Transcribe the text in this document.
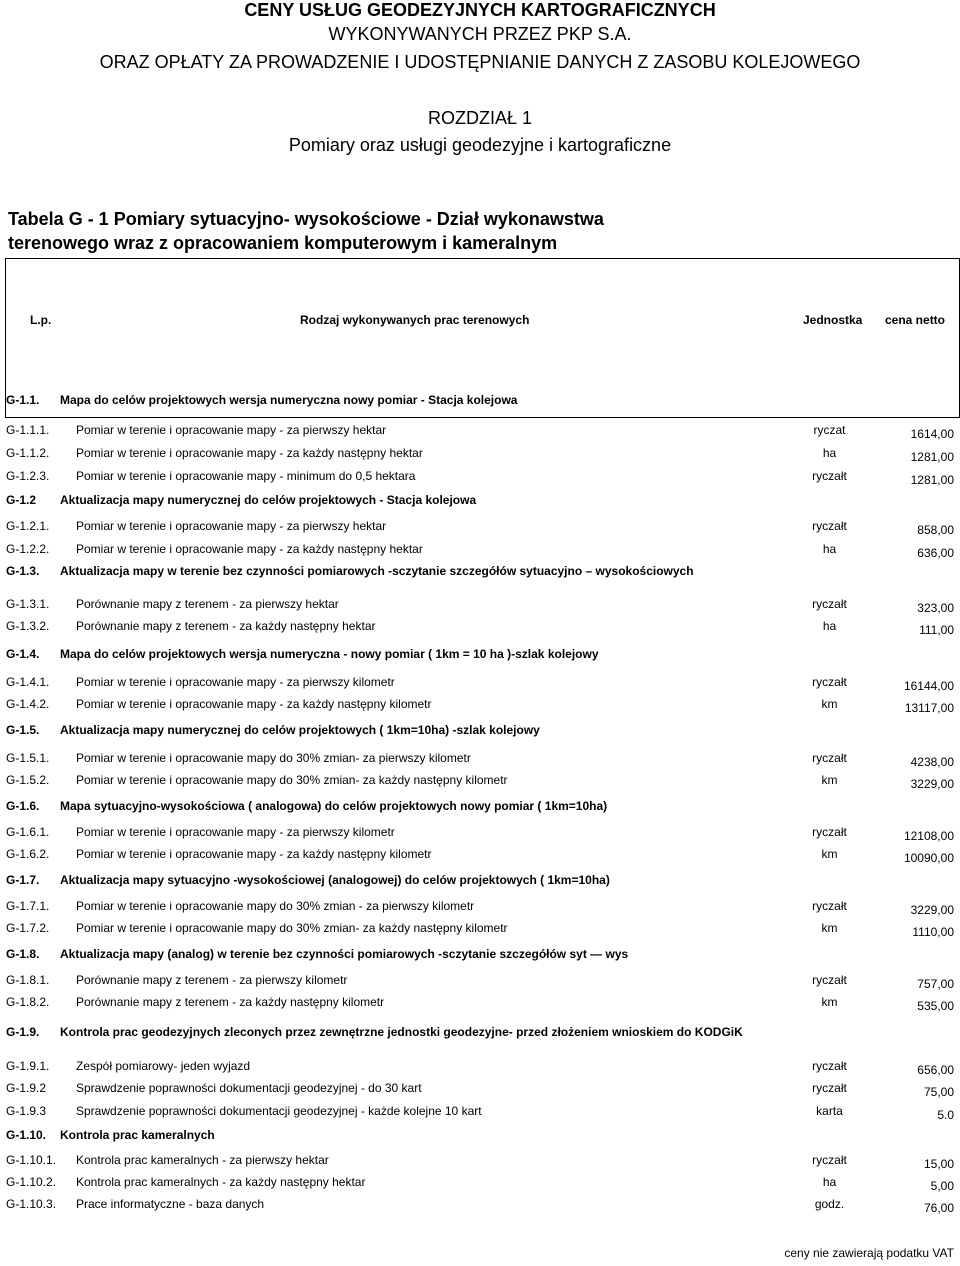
CENY USŁUG GEODEZYJNYCH KARTOGRAFICZNYCH
WYKONYWANYCH PRZEZ PKP S.A.
ORAZ OPŁATY ZA PROWADZENIE I UDOSTĘPNIANIE DANYCH Z ZASOBU KOLEJOWEGO
ROZDZIAŁ 1
Pomiary oraz usługi geodezyjne i kartograficzne
Tabela G - 1 Pomiary sytuacyjno- wysokościowe - Dział wykonawstwa
terenowego wraz z opracowaniem komputerowym i kameralnym
L.p.	Rodzaj wykonywanych prac terenowych	Jednostka cena netto
G-1.1. Mapa do celów projektowych wersja numeryczna nowy pomiar - Stacja kolejowa
G-1.1.1. Pomiar w terenie i opracowanie mapy - za pierwszy hektar	ryczat	1614,00
G-1.1.2. Pomiar w terenie i opracowanie mapy - za każdy następny hektar	ha	1281,00
G-1.2.3. Pomiar w terenie i opracowanie mapy - minimum do 0,5 hektara	ryczałt	1281,00
G-1.2 Aktualizacja mapy numerycznej do celów projektowych - Stacja kolejowa
G-1.2.1. Pomiar w terenie i opracowanie mapy - za pierwszy hektar	ryczałt	858,00
G-1.2.2. Pomiar w terenie i opracowanie mapy - za każdy następny hektar	ha	636,00
G-1.3. Aktualizacja mapy w terenie bez czynności pomiarowych -sczytanie szczegółów sytuacyjno – wysokościowych
G-1.3.1. Porównanie mapy z terenem - za pierwszy hektar	ryczałt	323,00
G-1.3.2. Porównanie mapy z terenem - za każdy następny hektar	ha	111,00
G-1.4. Mapa do celów projektowych wersja numeryczna - nowy pomiar ( 1km = 10 ha )-szlak kolejowy
G-1.4.1. Pomiar w terenie i opracowanie mapy - za pierwszy kilometr	ryczałt	16144,00
G-1.4.2. Pomiar w terenie i opracowanie mapy - za każdy następny kilometr	km	13117,00
G-1.5. Aktualizacja mapy numerycznej do celów projektowych ( 1km=10ha) -szlak kolejowy
G-1.5.1. Pomiar w terenie i opracowanie mapy do 30% zmian- za pierwszy kilometr	ryczałt	4238,00
G-1.5.2. Pomiar w terenie i opracowanie mapy do 30% zmian- za każdy następny kilometr	km	3229,00
G-1.6. Mapa sytuacyjno-wysokościowa ( analogowa) do celów projektowych nowy pomiar ( 1km=10ha)
G-1.6.1. Pomiar w terenie i opracowanie mapy - za pierwszy kilometr	ryczałt	12108,00
G-1.6.2. Pomiar w terenie i opracowanie mapy - za każdy następny kilometr	km	10090,00
G-1.7. Aktualizacja mapy sytuacyjno -wysokościowej (analogowej) do celów projektowych ( 1km=10ha)
G-1.7.1. Pomiar w terenie i opracowanie mapy do 30% zmian - za pierwszy kilometr	ryczałt	3229,00
G-1.7.2. Pomiar w terenie i opracowanie mapy do 30% zmian- za każdy następny kilometr	km	1110,00
G-1.8. Aktualizacja mapy (analog) w terenie bez czynności pomiarowych -sczytanie szczegółów syt — wys
G-1.8.1. Porównanie mapy z terenem - za pierwszy kilometr	ryczałt	757,00
G-1.8.2. Porównanie mapy z terenem - za każdy następny kilometr	km	535,00
G-1.9. Kontrola prac geodezyjnych zleconych przez zewnętrzne jednostki geodezyjne- przed złożeniem wnioskiem do KODGiK
G-1.9.1. Zespół pomiarowy- jeden wyjazd	ryczałt	656,00
G-1.9.2 Sprawdzenie poprawności dokumentacji geodezyjnej - do 30 kart	ryczałt	75,00
G-1.9.3 Sprawdzenie poprawności dokumentacji geodezyjnej - każde kolejne 10 kart	karta	5.0
G-1.10. Kontrola prac kameralnych
G-1.10.1. Kontrola prac kameralnych - za pierwszy hektar	ryczałt	15,00
G-1.10.2. Kontrola prac kameralnych - za każdy następny hektar	ha	5,00
G-1.10.3. Prace informatyczne - baza danych	godz.	76,00
ceny nie zawierają podatku VAT
